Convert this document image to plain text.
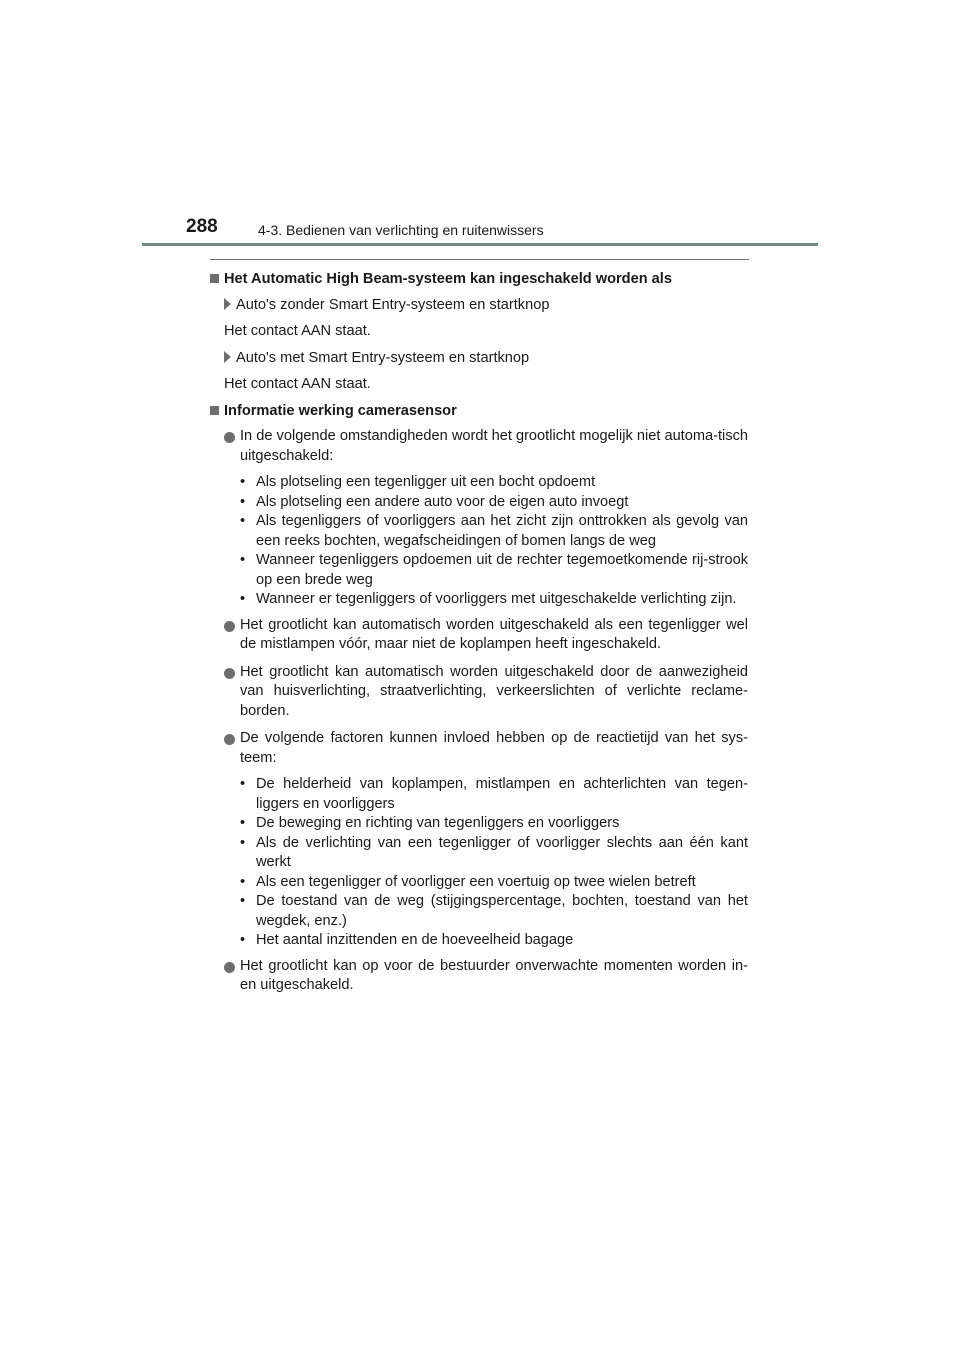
288	4-3. Bedienen van verlichting en ruitenwissers

Het Automatic High Beam-systeem kan ingeschakeld worden als

Auto's zonder Smart Entry-systeem en startknop
Het contact AAN staat.
Auto's met Smart Entry-systeem en startknop
Het contact AAN staat.

Informatie werking camerasensor

In de volgende omstandigheden wordt het grootlicht mogelijk niet automa-tisch uitgeschakeld:
• Als plotseling een tegenligger uit een bocht opdoemt
• Als plotseling een andere auto voor de eigen auto invoegt
• Als tegenliggers of voorliggers aan het zicht zijn onttrokken als gevolg van een reeks bochten, wegafscheidingen of bomen langs de weg
• Wanneer tegenliggers opdoemen uit de rechter tegemoetkomende rij-strook op een brede weg
• Wanneer er tegenliggers of voorliggers met uitgeschakelde verlichting zijn.
Het grootlicht kan automatisch worden uitgeschakeld als een tegenligger wel de mistlampen vóór, maar niet de koplampen heeft ingeschakeld.
Het grootlicht kan automatisch worden uitgeschakeld door de aanwezigheid van huisverlichting, straatverlichting, verkeerslichten of verlichte reclame-borden.
De volgende factoren kunnen invloed hebben op de reactietijd van het sys-teem:
• De helderheid van koplampen, mistlampen en achterlichten van tegen-liggers en voorliggers
• De beweging en richting van tegenliggers en voorliggers
• Als de verlichting van een tegenligger of voorligger slechts aan één kant werkt
• Als een tegenligger of voorligger een voertuig op twee wielen betreft
• De toestand van de weg (stijgingspercentage, bochten, toestand van het wegdek, enz.)
• Het aantal inzittenden en de hoeveelheid bagage
Het grootlicht kan op voor de bestuurder onverwachte momenten worden in- en uitgeschakeld.
